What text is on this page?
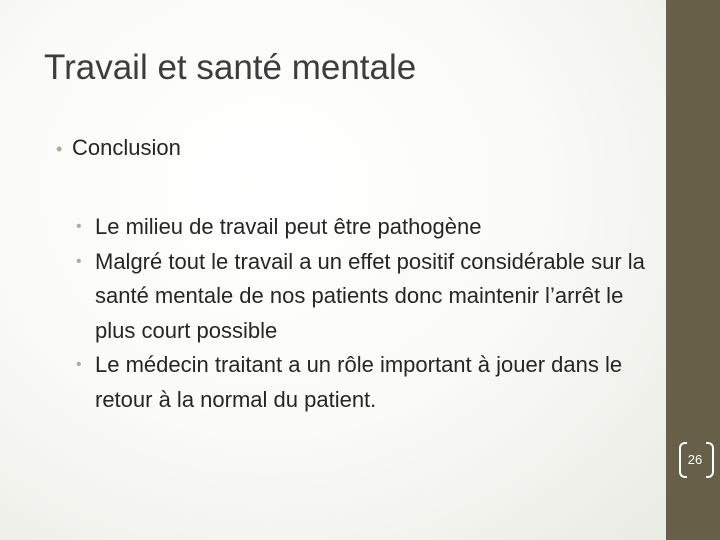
Travail et santé mentale
• Conclusion
• Le milieu de travail peut être pathogène
• Malgré tout le travail a un effet positif considérable sur la santé mentale de nos patients donc maintenir l’arrêt le plus court possible
• Le médecin traitant a un rôle important à jouer dans le retour à la normal du patient.
26
